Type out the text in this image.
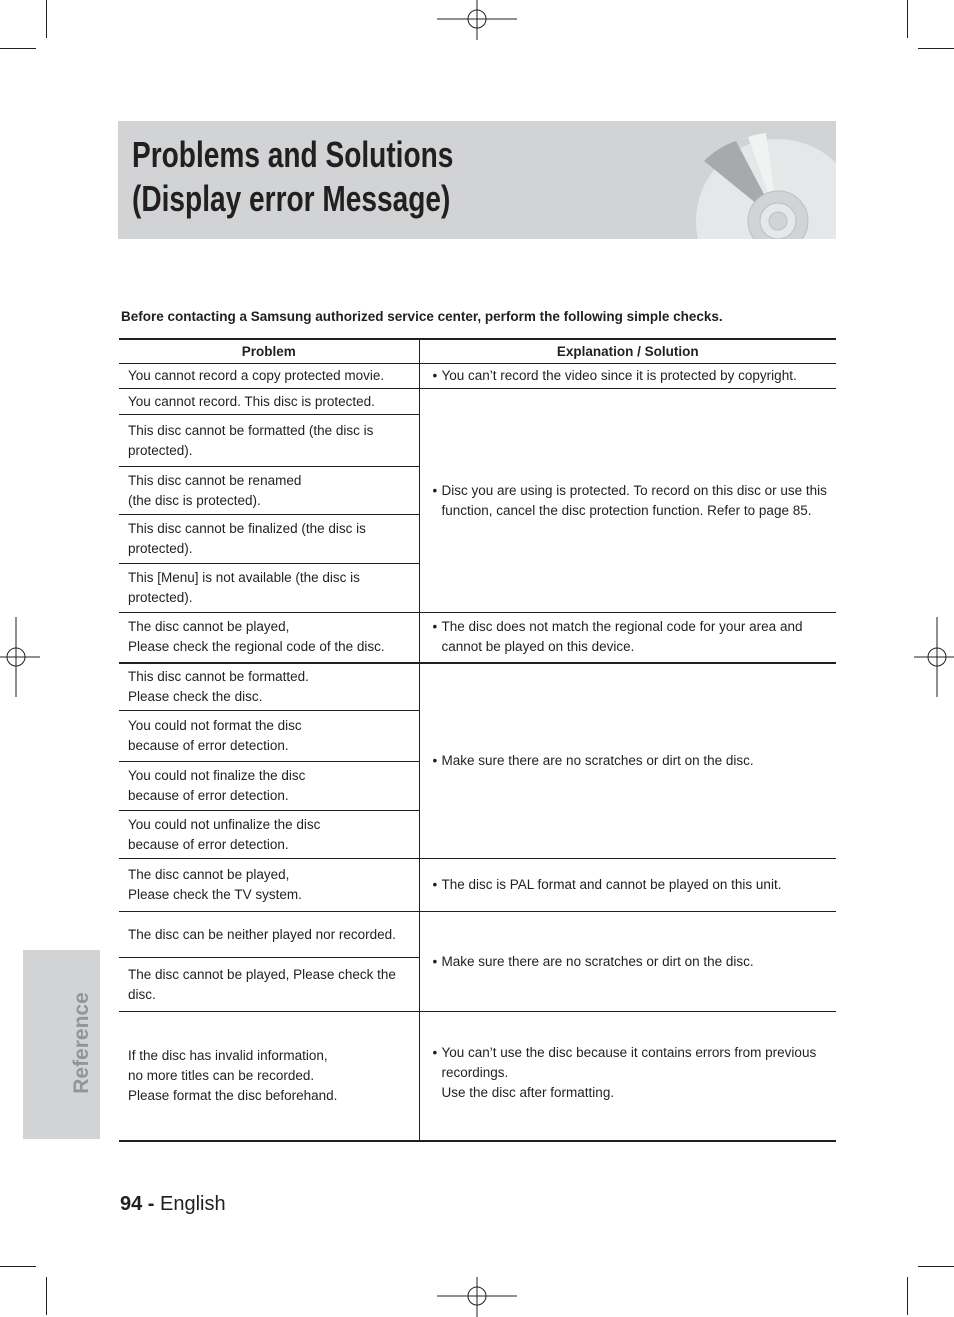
Problems and Solutions
(Display error Message)
Before contacting a Samsung authorized service center, perform the following simple checks.
Problem	Explanation / Solution

You cannot record a copy protected movie.	• You can’t record the video since it is protected by copyright.

You cannot record. This disc is protected.	• Disc you are using is protected. To record on this disc or use this function, cancel the disc protection function. Refer to page 85.

This disc cannot be formatted (the disc is protected).	

This disc cannot be renamed
(the disc is protected).	

This disc cannot be finalized (the disc is protected).	

This [Menu] is not available (the disc is protected).	

The disc cannot be played,
Please check the regional code of the disc.	• The disc does not match the regional code for your area and cannot be played on this device.

This disc cannot be formatted.
Please check the disc.	• Make sure there are no scratches or dirt on the disc.

You could not format the disc
because of error detection.	

You could not finalize the disc
because of error detection.	

You could not unfinalize the disc
because of error detection.	

The disc cannot be played,
Please check the TV system.	• The disc is PAL format and cannot be played on this unit.

The disc can be neither played nor recorded.	• Make sure there are no scratches or dirt on the disc.

The disc cannot be played, Please check the disc.	

If the disc has invalid information,
no more titles can be recorded.
Please format the disc beforehand.	• You can’t use the disc because it contains errors from previous recordings.
Use the disc after formatting.
Reference
94 - English
